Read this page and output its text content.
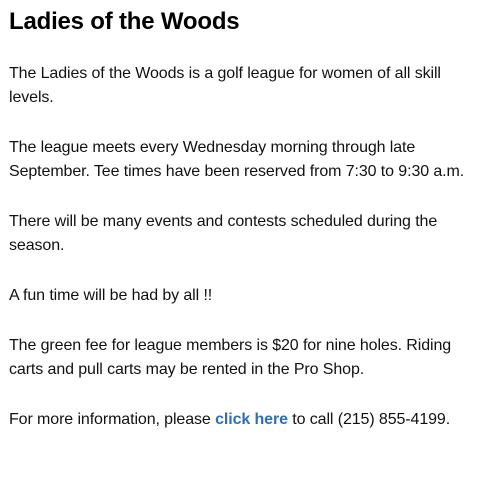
Ladies of the Woods

The Ladies of the Woods is a golf league for women of all skill levels.

The league meets every Wednesday morning through late September. Tee times have been reserved from 7:30 to 9:30 a.m.

There will be many events and contests scheduled during the season.

A fun time will be had by all !!

The green fee for league members is $20 for nine holes. Riding carts and pull carts may be rented in the Pro Shop.

For more information, please click here to call (215) 855-4199.
